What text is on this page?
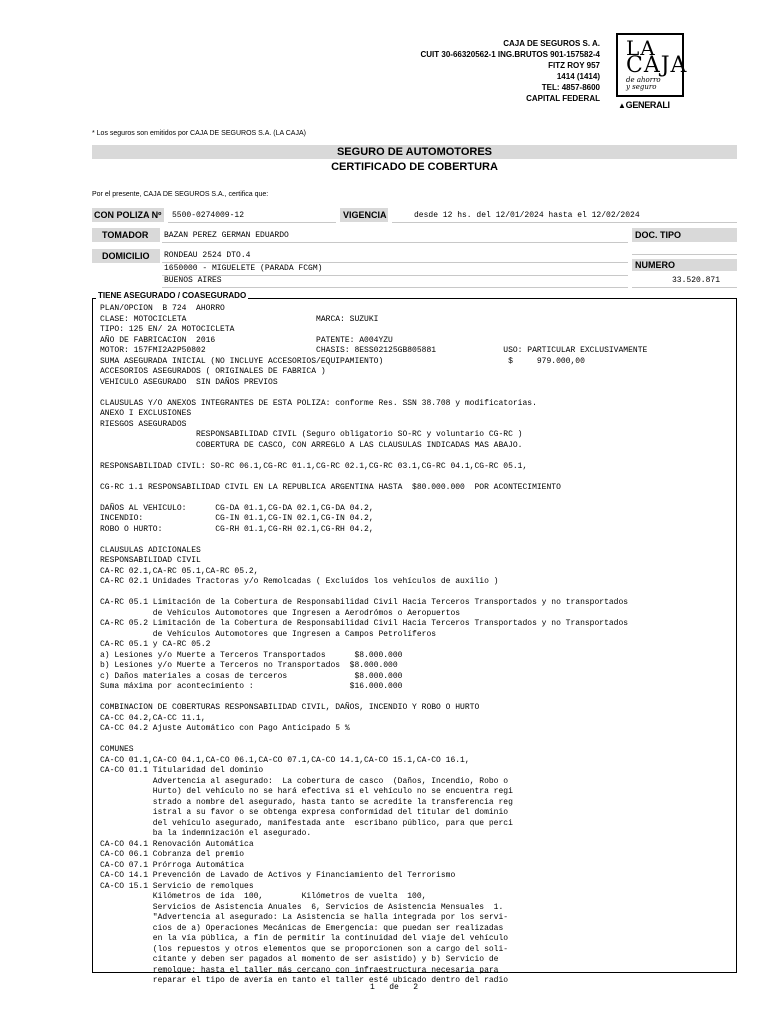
CAJA DE SEGUROS S. A.
CUIT 30-66320562-1 ING.BRUTOS 901-157582-4
FITZ ROY 957
1414 (1414)
TEL: 4857-8600
CAPITAL FEDERAL
LA
CAJA
de ahorro
y seguro
▲GENERALI
* Los seguros son emitidos por CAJA DE SEGUROS S.A. (LA CAJA)
SEGURO DE AUTOMOTORES
CERTIFICADO DE COBERTURA
Por el presente, CAJA DE SEGUROS S.A., certifica que:
CON POLIZA Nº	5500-0274009-12	VIGENCIA	desde 12 hs. del 12/01/2024 hasta el 12/02/2024
TOMADOR	BAZAN PEREZ GERMAN EDUARDO	DOC. TIPO
DOMICILIO	RONDEAU 2524 DTO.4
1650000 - MIGUELETE (PARADA FCGM)
BUENOS AIRES
NUMERO
33.520.871
TIENE ASEGURADO / COASEGURADO
PLAN/OPCION  B 724  AHORRO
CLASE: MOTOCICLETA                           MARCA: SUZUKI
TIPO: 125 EN/ 2A MOTOCICLETA
AÑO DE FABRICACION  2016                     PATENTE: A004YZU
MOTOR: 157FMI2A2P50802                       CHASIS: 8ESS02125GB805881              USO: PARTICULAR EXCLUSIVAMENTE
SUMA ASEGURADA INICIAL (NO INCLUYE ACCESORIOS/EQUIPAMIENTO)                          $     979.000,00
ACCESORIOS ASEGURADOS ( ORIGINALES DE FABRICA )
VEHICULO ASEGURADO  SIN DAÑOS PREVIOS

CLAUSULAS Y/O ANEXOS INTEGRANTES DE ESTA POLIZA: conforme Res. SSN 38.708 y modificatorias.
ANEXO I EXCLUSIONES
RIESGOS ASEGURADOS
RESPONSABILIDAD CIVIL (Seguro obligatorio SO-RC y voluntario CG-RC )
COBERTURA DE CASCO, CON ARREGLO A LAS CLAUSULAS INDICADAS MAS ABAJO.

RESPONSABILIDAD CIVIL: SO-RC 06.1,CG-RC 01.1,CG-RC 02.1,CG-RC 03.1,CG-RC 04.1,CG-RC 05.1,

CG-RC 1.1 RESPONSABILIDAD CIVIL EN LA REPUBLICA ARGENTINA HASTA  $80.000.000  POR ACONTECIMIENTO

DAÑOS AL VEHICULO:      CG-DA 01.1,CG-DA 02.1,CG-DA 04.2,
INCENDIO:               CG-IN 01.1,CG-IN 02.1,CG-IN 04.2,
ROBO O HURTO:           CG-RH 01.1,CG-RH 02.1,CG-RH 04.2,

CLAUSULAS ADICIONALES
RESPONSABILIDAD CIVIL
CA-RC 02.1,CA-RC 05.1,CA-RC 05.2,
CA-RC 02.1 Unidades Tractoras y/o Remolcadas ( Excluídos los vehículos de auxilio )

CA-RC 05.1 Limitación de la Cobertura de Responsabilidad Civil Hacia Terceros Transportados y no transportados
de Vehículos Automotores que Ingresen a Aerodrómos o Aeropuertos
CA-RC 05.2 Limitación de la Cobertura de Responsabilidad Civil Hacia Terceros Transportados y no Transportados
de Vehículos Automotores que Ingresen a Campos Petrolíferos
CA-RC 05.1 y CA-RC 05.2
a) Lesiones y/o Muerte a Terceros Transportados      $8.000.000
b) Lesiones y/o Muerte a Terceros no Transportados  $8.000.000
c) Daños materiales a cosas de terceros              $8.000.000
Suma máxima por acontecimiento :                    $16.000.000

COMBINACION DE COBERTURAS RESPONSABILIDAD CIVIL, DAÑOS, INCENDIO Y ROBO O HURTO
CA-CC 04.2,CA-CC 11.1,
CA-CC 04.2 Ajuste Automático con Pago Anticipado 5 %

COMUNES
CA-CO 01.1,CA-CO 04.1,CA-CO 06.1,CA-CO 07.1,CA-CO 14.1,CA-CO 15.1,CA-CO 16.1,
CA-CO 01.1 Titularidad del dominio
Advertencia al asegurado:  La cobertura de casco  (Daños, Incendio, Robo o
Hurto) del vehículo no se hará efectiva si el vehículo no se encuentra regi
strado a nombre del asegurado, hasta tanto se acredite la transferencia reg
istral a su favor o se obtenga expresa conformidad del titular del dominio
del vehículo asegurado, manifestada ante  escribano público, para que perci
ba la indemnización el asegurado.
CA-CO 04.1 Renovación Automática
CA-CO 06.1 Cobranza del premio
CA-CO 07.1 Prórroga Automática
CA-CO 14.1 Prevención de Lavado de Activos y Financiamiento del Terrorismo
CA-CO 15.1 Servicio de remolques
Kilómetros de ida  100,        Kilómetros de vuelta  100,
Servicios de Asistencia Anuales  6, Servicios de Asistencia Mensuales  1.
"Advertencia al asegurado: La Asistencia se halla integrada por los servi-
cios de a) Operaciones Mecánicas de Emergencia: que puedan ser realizadas
en la vía pública, a fin de permitir la continuidad del viaje del vehículo
(los repuestos y otros elementos que se proporcionen son a cargo del soli-
citante y deben ser pagados al momento de ser asistido) y b) Servicio de
remolque: hasta el taller más cercano con infraestructura necesaria para
reparar el tipo de avería en tanto el taller esté ubicado dentro del radio
1   de   2
